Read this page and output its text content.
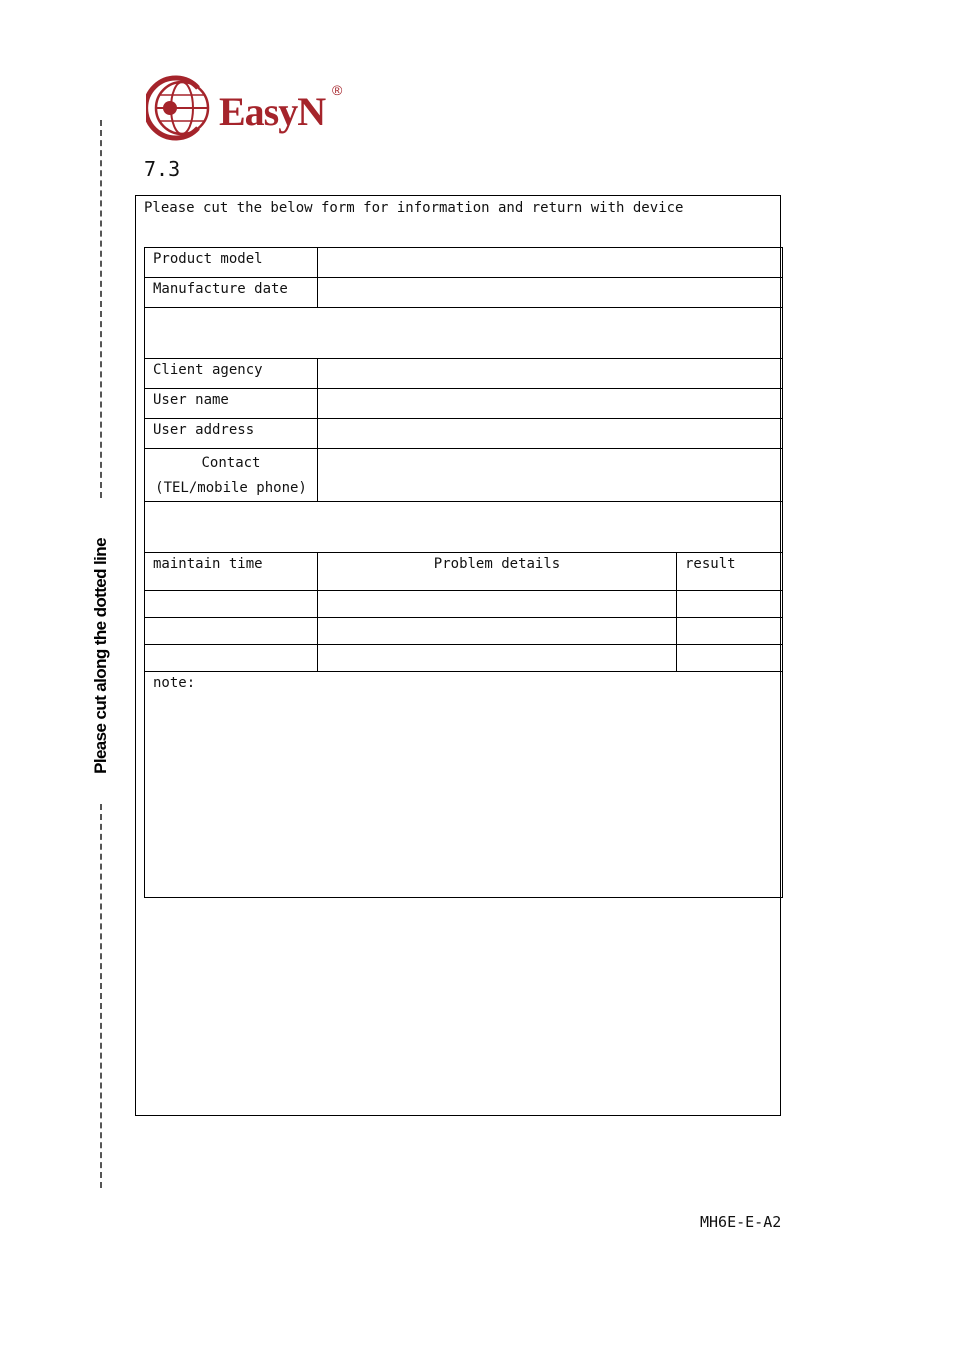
Please cut along the dotted line
EasyN ®
7.3
Please cut the below form for information and return with device
Product model		
Manufacture date		

Client agency		
User name		
User address		

Contact
(TEL/mobile phone)		

maintain time	Problem details	result

note:		
MH6E-E-A2
